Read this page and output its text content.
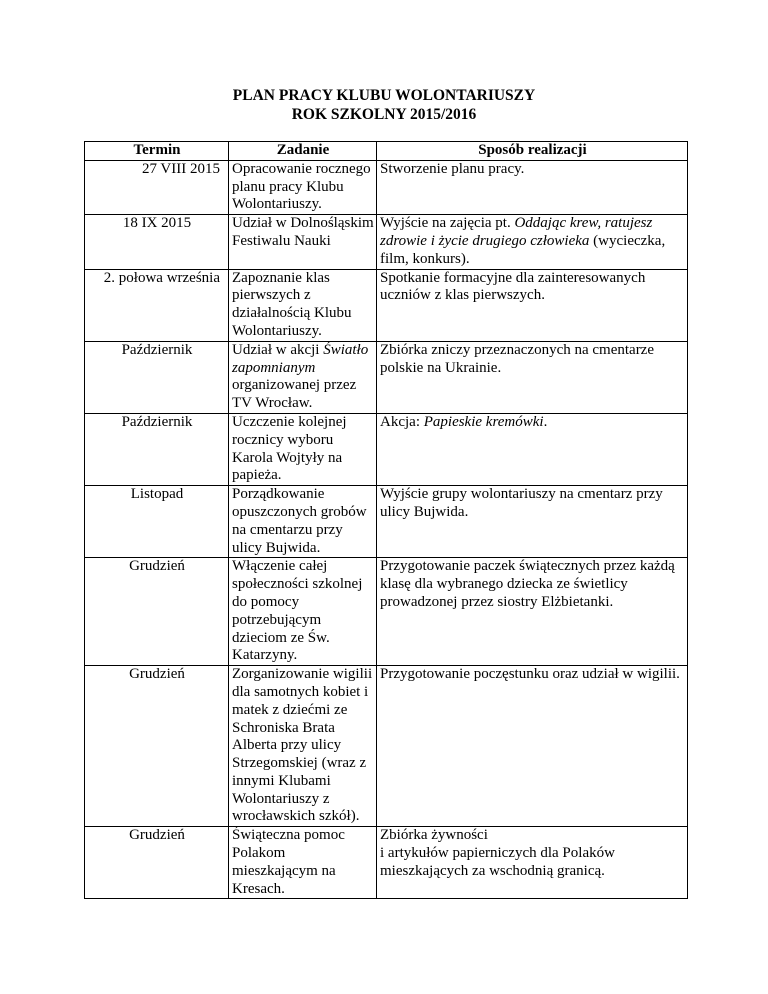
PLAN PRACY KLUBU WOLONTARIUSZY
ROK SZKOLNY 2015/2016
Termin	Zadanie	Sposób realizacji
27 VIII 2015	Opracowanie rocznego planu pracy Klubu Wolontariuszy.	Stworzenie planu pracy.
18 IX 2015	Udział w Dolnośląskim Festiwalu Nauki	Wyjście na zajęcia pt. Oddając krew, ratujesz zdrowie i życie drugiego człowieka (wycieczka, film, konkurs).
2. połowa września	Zapoznanie klas pierwszych z działalnością Klubu Wolontariuszy.	Spotkanie formacyjne dla zainteresowanych uczniów z klas pierwszych.
Październik	Udział w akcji Światło zapomnianym organizowanej przez TV Wrocław.	Zbiórka zniczy przeznaczonych na cmentarze polskie na Ukrainie.
Październik	Uczczenie kolejnej rocznicy wyboru Karola Wojtyły na papieża.	Akcja: Papieskie kremówki.
Listopad	Porządkowanie opuszczonych grobów na cmentarzu przy ulicy Bujwida.	Wyjście grupy wolontariuszy na cmentarz przy ulicy Bujwida.
Grudzień	Włączenie całej społeczności szkolnej do pomocy potrzebującym dzieciom ze Św. Katarzyny.	Przygotowanie paczek świątecznych przez każdą klasę dla wybranego dziecka ze świetlicy prowadzonej przez siostry Elżbietanki.
Grudzień	Zorganizowanie wigilii dla samotnych kobiet i matek z dziećmi ze Schroniska Brata Alberta przy ulicy Strzegomskiej (wraz z innymi Klubami Wolontariuszy z wrocławskich szkół).	Przygotowanie poczęstunku oraz udział w wigilii.
Grudzień	Świąteczna pomoc Polakom mieszkającym na Kresach.	Zbiórka żywności
i artykułów papierniczych dla Polaków mieszkających za wschodnią granicą.
